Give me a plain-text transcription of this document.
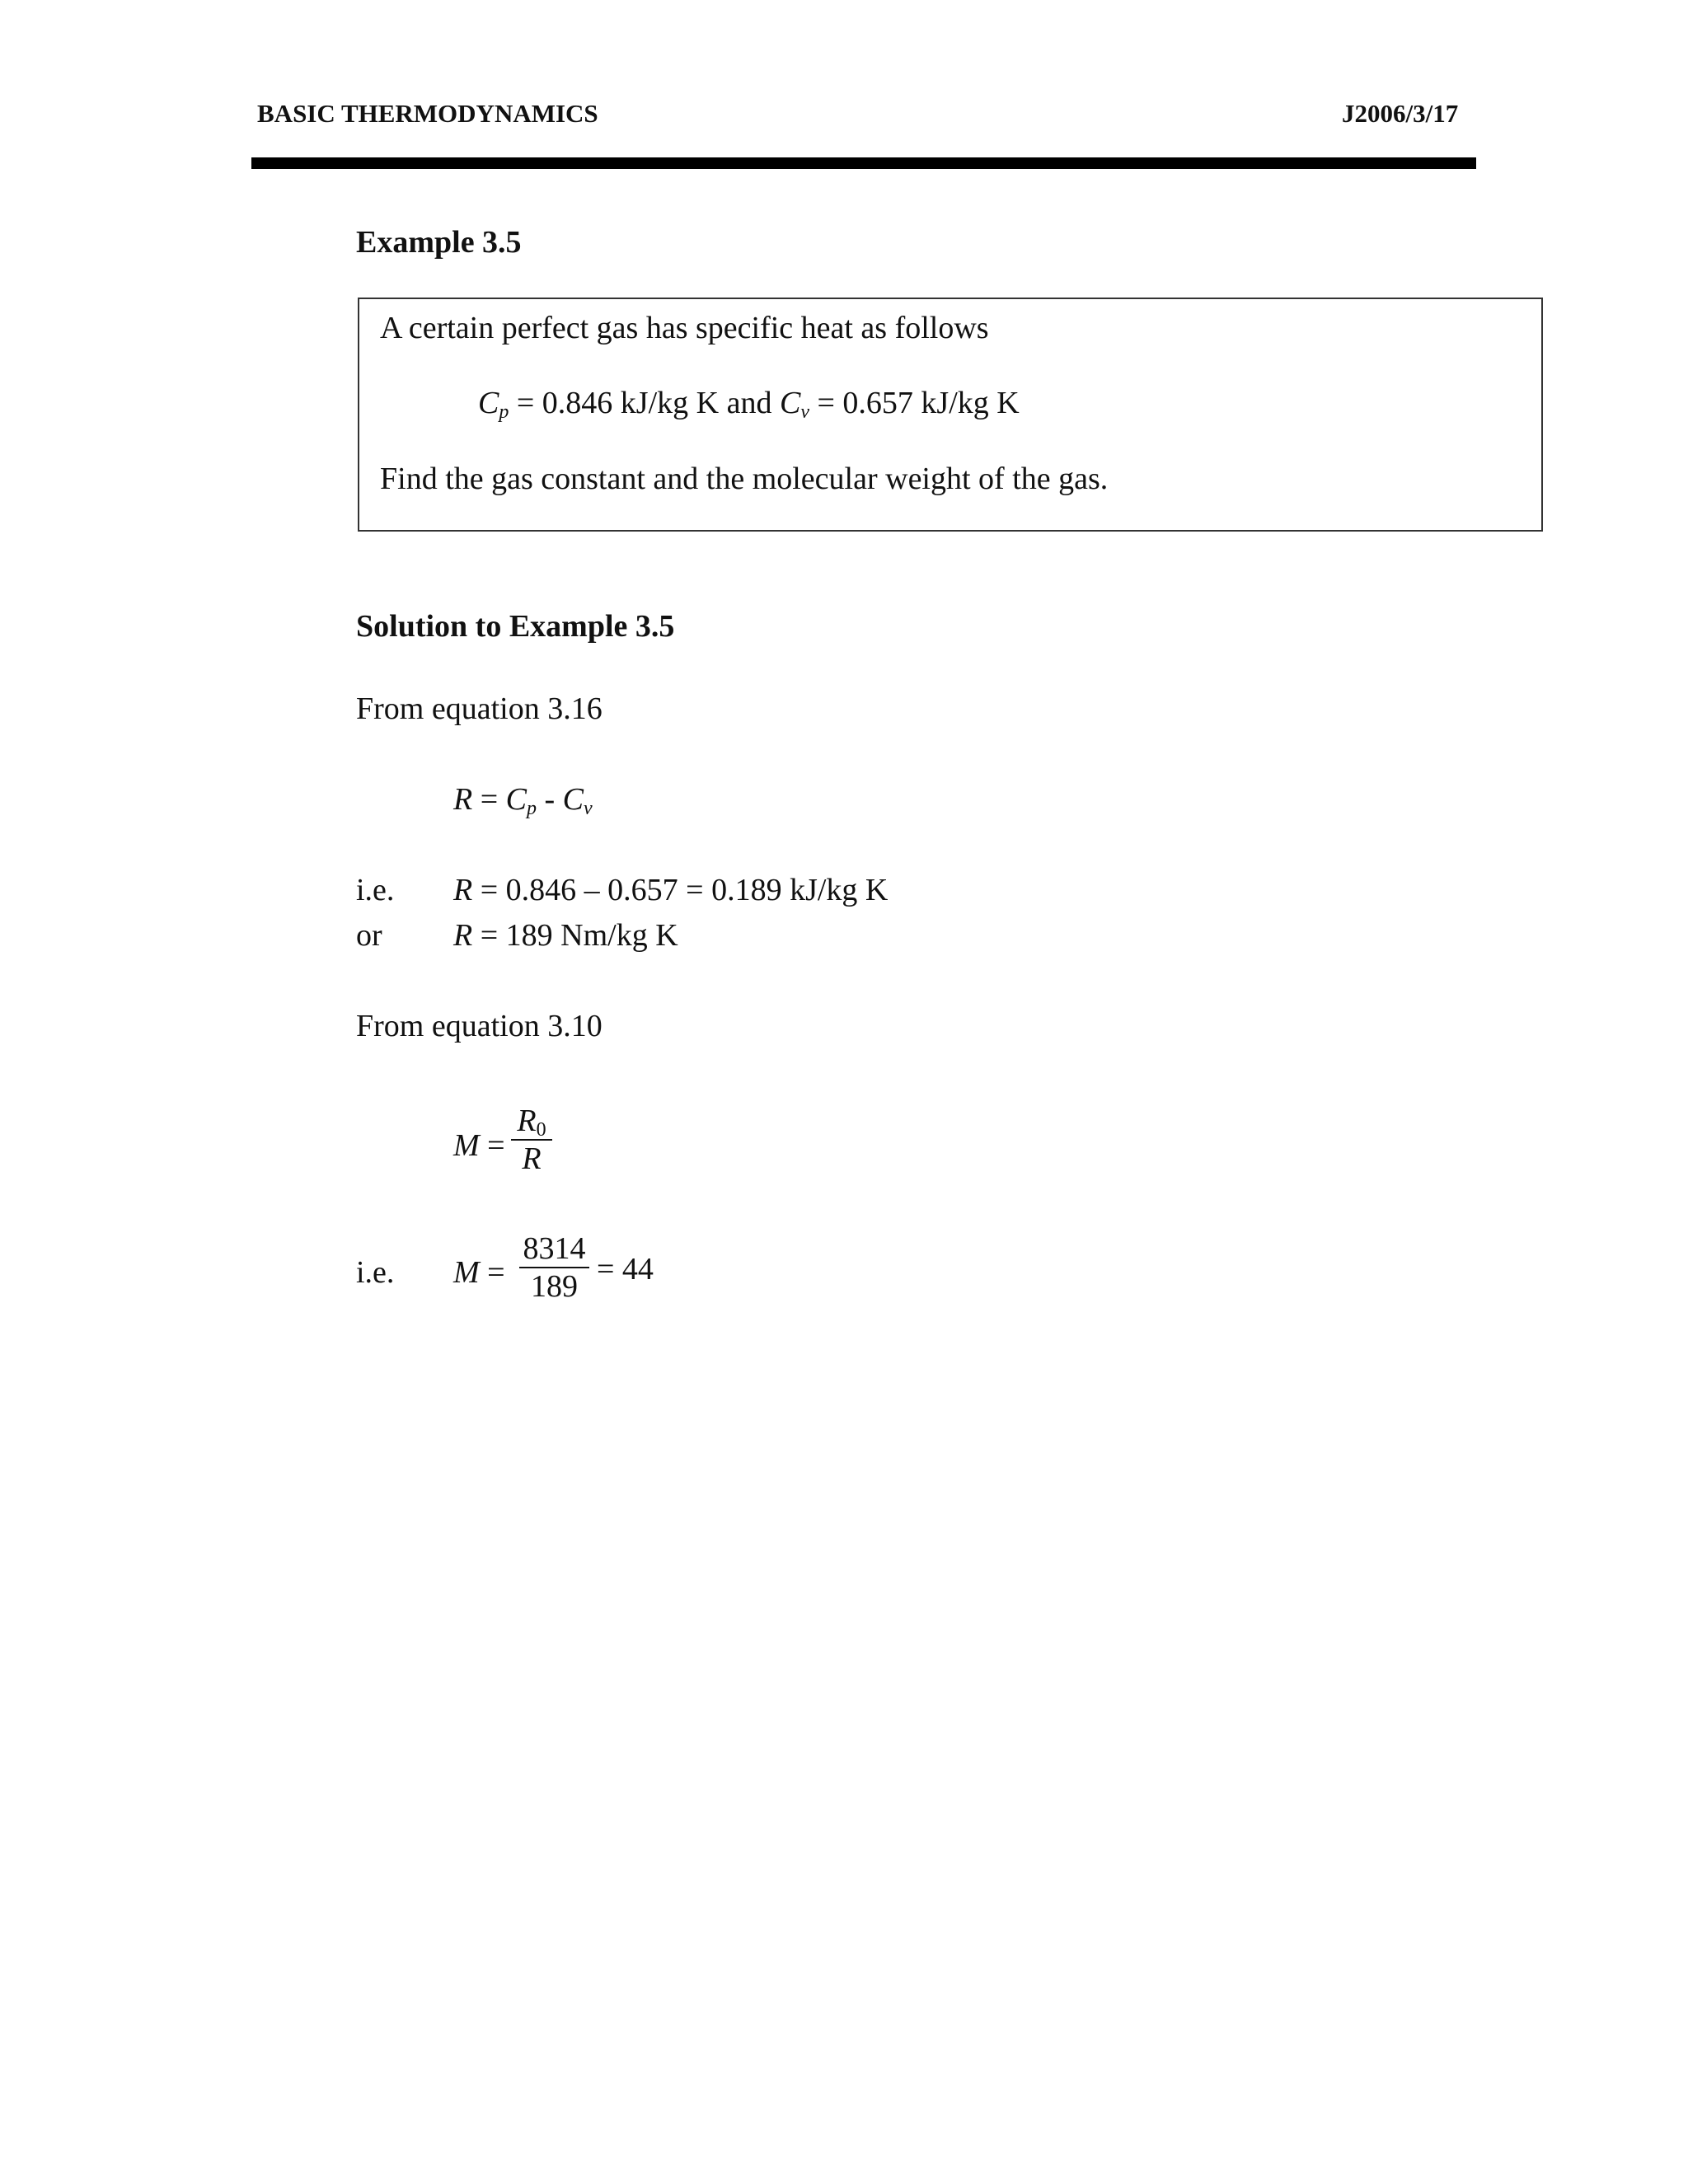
BASIC THERMODYNAMICS	J2006/3/17
Example 3.5
A certain perfect gas has specific heat as follows
$C_p = 0.846$ kJ/kg K and $C_v = 0.657$ kJ/kg K
Find the gas constant and the molecular weight of the gas.
Solution to Example 3.5
From equation 3.16
$R = C_p - C_v$
i.e. R = 0.846 – 0.657 = 0.189 kJ/kg K
or R = 189 Nm/kg K
From equation 3.10
M =
$R_0$
R
i.e. M =
8314
189 = 44
